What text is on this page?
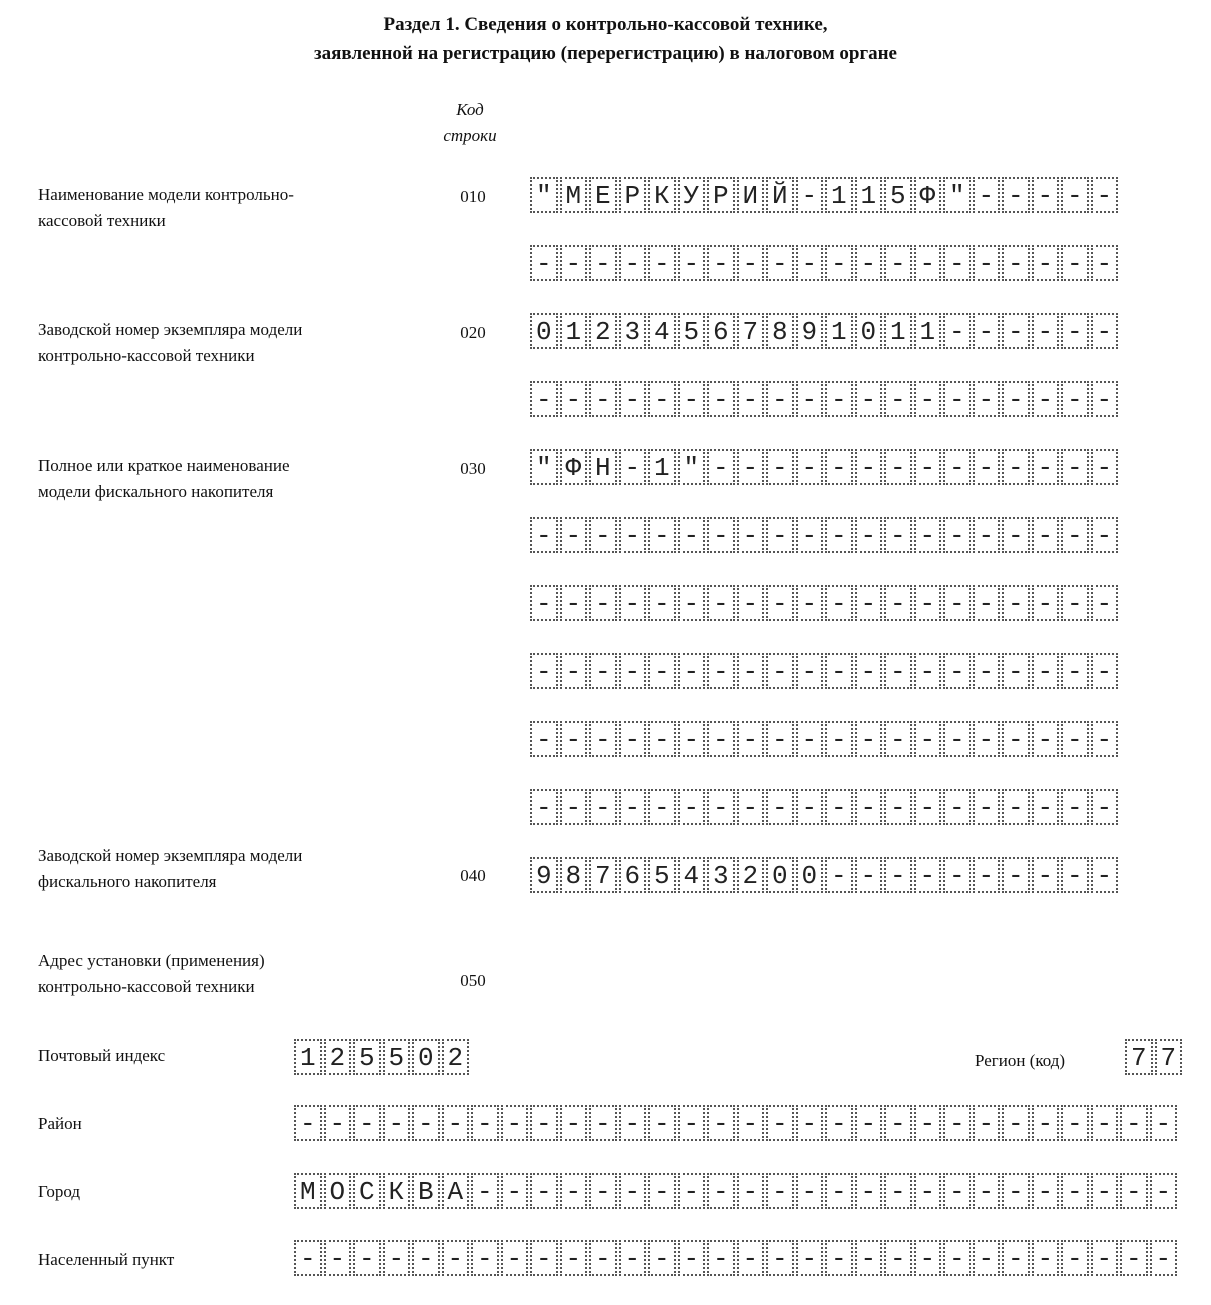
Раздел 1. Сведения о контрольно-кассовой технике,
заявленной на регистрацию (перерегистрацию) в налоговом органе
Код
строки
Наименование модели контрольно-
кассовой техники
010	" М Е Р К У Р И Й - 1 1 5 Ф " - - - - -
- - - - - - - - - - - - - - - - - - - -
Заводской номер экземпляра модели
контрольно-кассовой техники
020	0 1 2 3 4 5 6 7 8 9 1 0 1 1 - - - - - -
- - - - - - - - - - - - - - - - - - - -
Полное или краткое наименование
модели фискального накопителя
030	" Ф Н - 1 " - - - - - - - - - - - - - -
- - - - - - - - - - - - - - - - - - - -
- - - - - - - - - - - - - - - - - - - -
- - - - - - - - - - - - - - - - - - - -
- - - - - - - - - - - - - - - - - - - -
- - - - - - - - - - - - - - - - - - - -
Заводской номер экземпляра модели
фискального накопителя	040	9 8 7 6 5 4 3 2 0 0 - - - - - - - - - -
Адрес установки (применения)
контрольно-кассовой техники	050
Почтовый индекс	1 2 5 5 0 2	Регион (код)	7 7
Район	- - - - - - - - - - - - - - - - - - - - - - - - - - - - - -
Город	М О С К В А - - - - - - - - - - - - - - - - - - - - - - - -
Населенный пункт	- - - - - - - - - - - - - - - - - - - - - - - - - - - - - -
